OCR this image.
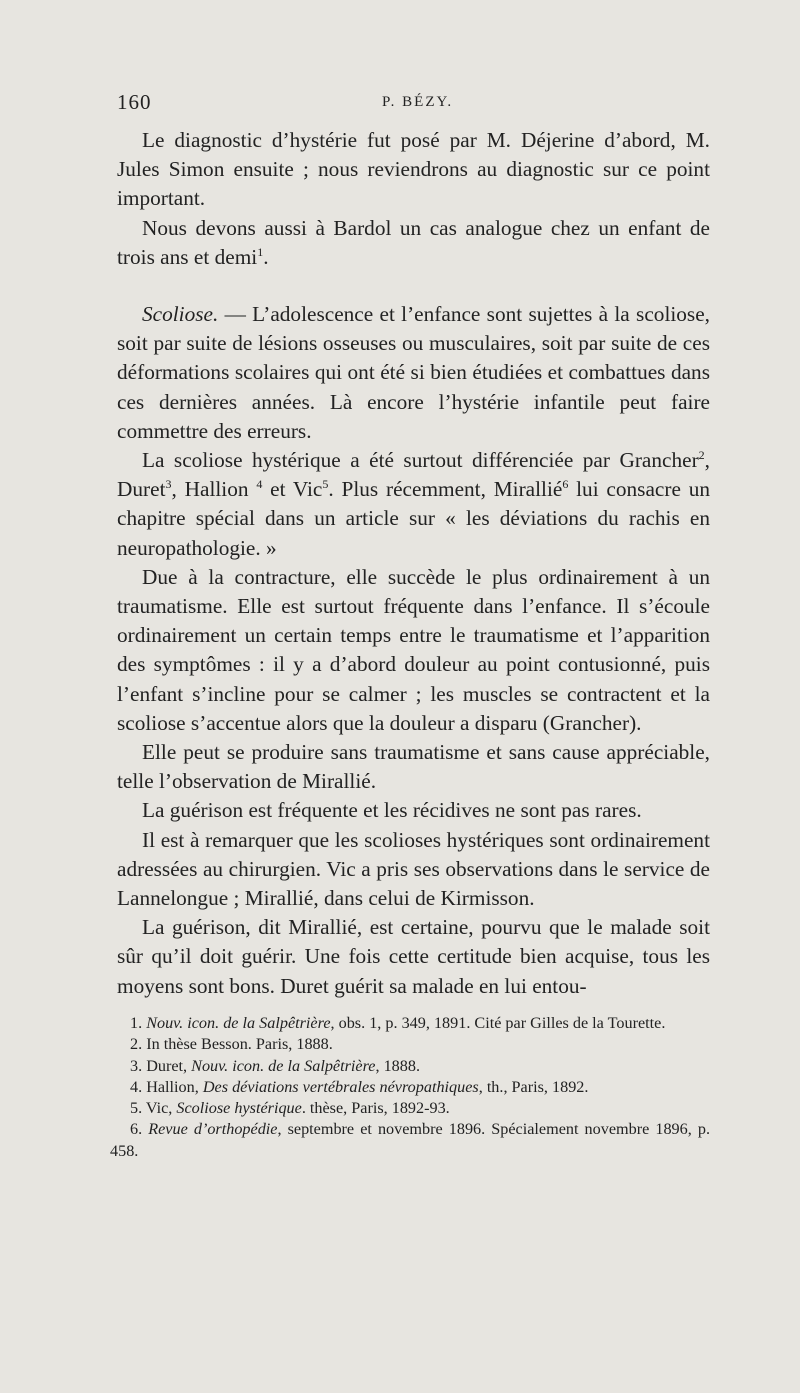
160	P. BÉZY.

Le diagnostic d’hystérie fut posé par M. Déjerine d’abord, M. Jules Simon ensuite ; nous reviendrons au diagnostic sur ce point important.

Nous devons aussi à Bardol un cas analogue chez un enfant de trois ans et demi$^1$.

Scoliose. — L’adolescence et l’enfance sont sujettes à la scoliose, soit par suite de lésions osseuses ou musculaires, soit par suite de ces déformations scolaires qui ont été si bien étudiées et combattues dans ces dernières années. Là encore l’hystérie infantile peut faire commettre des erreurs.

La scoliose hystérique a été surtout différenciée par Grancher$^2$, Duret$^3$, Hallion $^4$ et Vic$^5$. Plus récemment, Mirallié$^6$ lui consacre un chapitre spécial dans un article sur « les déviations du rachis en neuropathologie. »

Due à la contracture, elle succède le plus ordinairement à un traumatisme. Elle est surtout fréquente dans l’enfance. Il s’écoule ordinairement un certain temps entre le traumatisme et l’apparition des symptômes : il y a d’abord douleur au point contusionné, puis l’enfant s’incline pour se calmer ; les muscles se contractent et la scoliose s’accentue alors que la douleur a disparu (Grancher).

Elle peut se produire sans traumatisme et sans cause appréciable, telle l’observation de Mirallié.

La guérison est fréquente et les récidives ne sont pas rares.

Il est à remarquer que les scolioses hystériques sont ordinairement adressées au chirurgien. Vic a pris ses observations dans le service de Lannelongue ; Mirallié, dans celui de Kirmisson.

La guérison, dit Mirallié, est certaine, pourvu que le malade soit sûr qu’il doit guérir. Une fois cette certitude bien acquise, tous les moyens sont bons. Duret guérit sa malade en lui entou-

1. Nouv. icon. de la Salpêtrière, obs. 1, p. 349, 1891. Cité par Gilles de la Tourette.

2. In thèse Besson. Paris, 1888.

3. Duret, Nouv. icon. de la Salpêtrière, 1888.

4. Hallion, Des déviations vertébrales névropathiques, th., Paris, 1892.

5. Vic, Scoliose hystérique. thèse, Paris, 1892-93.

6. Revue d’orthopédie, septembre et novembre 1896. Spécialement novembre 1896, p. 458.
